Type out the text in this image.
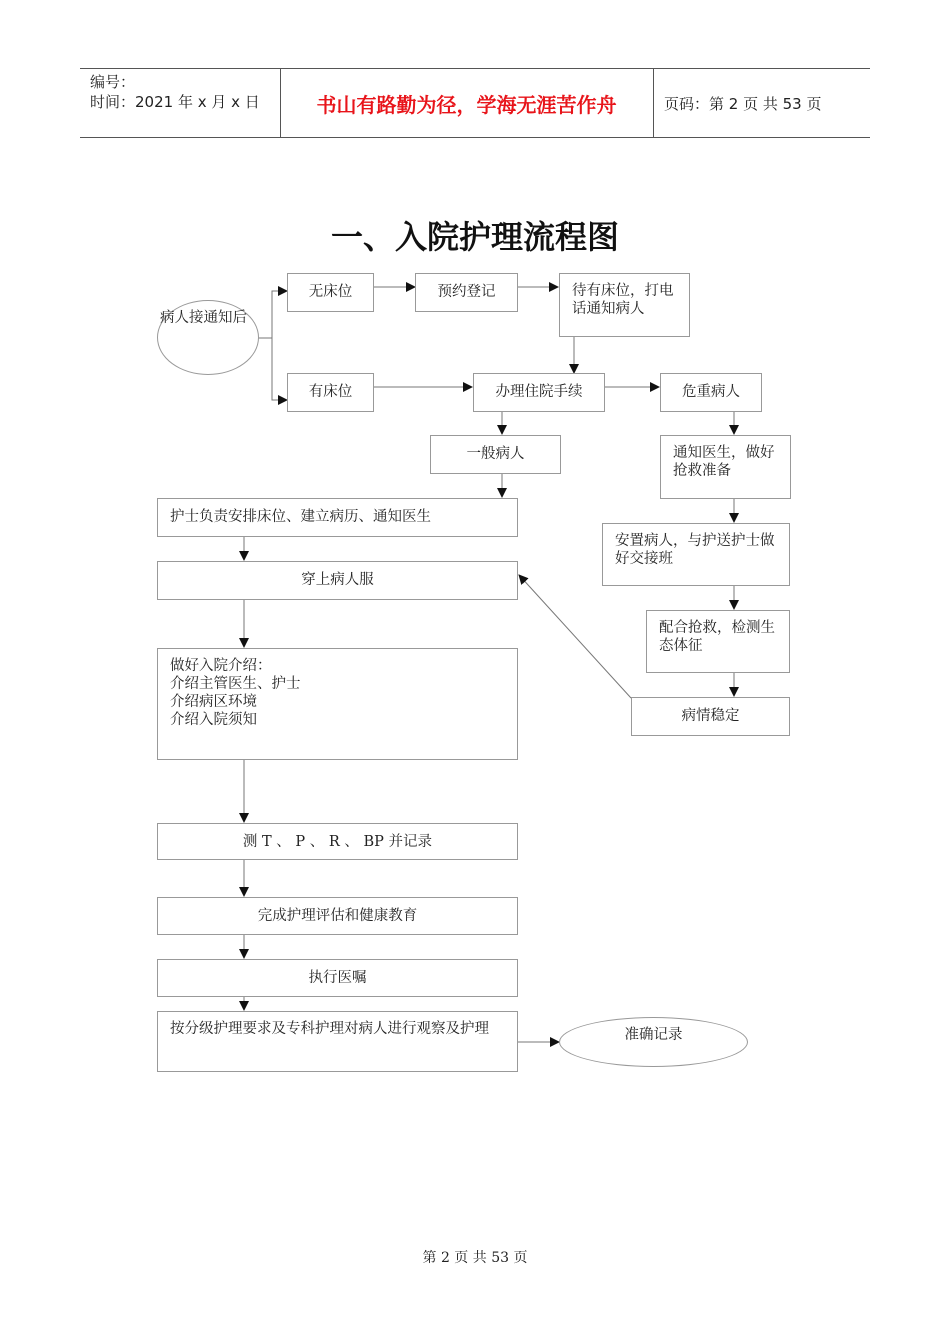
编号：
时间：2021 年 x 月 x 日	书山有路勤为径，学海无涯苦作舟	页码：第 2 页 共 53 页
一、入院护理流程图
病人接通知后
无床位	预约登记	待有床位，打电话通知病人
有床位	办理住院手续	危重病人
一般病人	通知医生，做好抢救准备
护士负责安排床位、建立病历、通知医生
安置病人，与护送护士做好交接班
穿上病人服
配合抢救，检测生态体征
做好入院介绍：
介绍主管医生、护士
介绍病区环境
介绍入院须知	病情稳定
测 T 、 P 、 R 、 BP 并记录
完成护理评估和健康教育
执行医嘱
按分级护理要求及专科护理对病人进行观察及护理	准确记录
第 2 页 共 53 页
